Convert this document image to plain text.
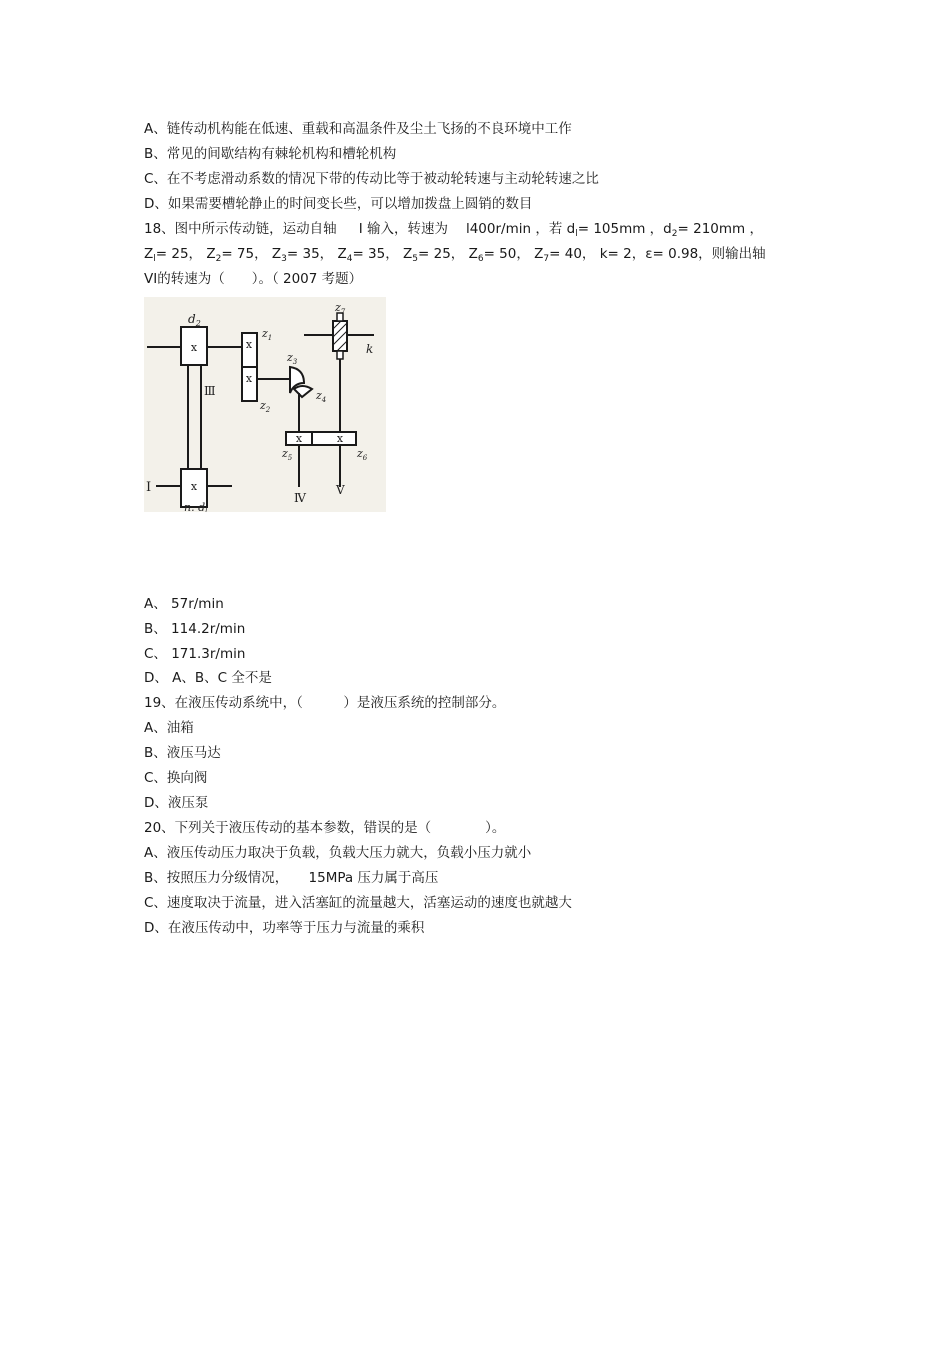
A、链传动机构能在低速、重载和高温条件及尘土飞扬的不良环境中工作
B、常见的间歇结构有棘轮机构和槽轮机构
C、在不考虑滑动系数的情况下带的传动比等于被动轮转速与主动轮转速之比
D、如果需要槽轮静止的时间变长些，可以增加拨盘上圆销的数目
18、图中所示传动链，运动自轴 I 输入，转速为 l400r/min ，若 $d_l= 105mm$ ，$d_2= 210mm$ ，
$Z_l= 25$， $Z_2= 75$， $Z_3= 35$， $Z_4= 35$， $Z_5= 25$， $Z_6= 50$， $Z_7= 40$， k= 2，ε= 0.98，则输出轴
VI的转速为（　　）。（ 2007 考题）
x
x
x
x
x	x
$d_2$
$z_1$
$z_2$
$z_3$
$z_4$
$z_5$	$z_6$
$z_7$
k
Ⅲ
I
Ⅳ
V
n. dl
A、 57r/min
B、 114.2r/min
C、 171.3r/min
D、 A、B、C 全不是
19、在液压传动系统中，（　　　）是液压系统的控制部分。
A、油箱
B、液压马达
C、换向阀
D、液压泵
20、下列关于液压传动的基本参数，错误的是（　　　　）。
A、液压传动压力取决于负载，负载大压力就大，负载小压力就小
B、按照压力分级情况，　　15MPa 压力属于高压
C、速度取决于流量，进入活塞缸的流量越大，活塞运动的速度也就越大
D、在液压传动中，功率等于压力与流量的乘积
